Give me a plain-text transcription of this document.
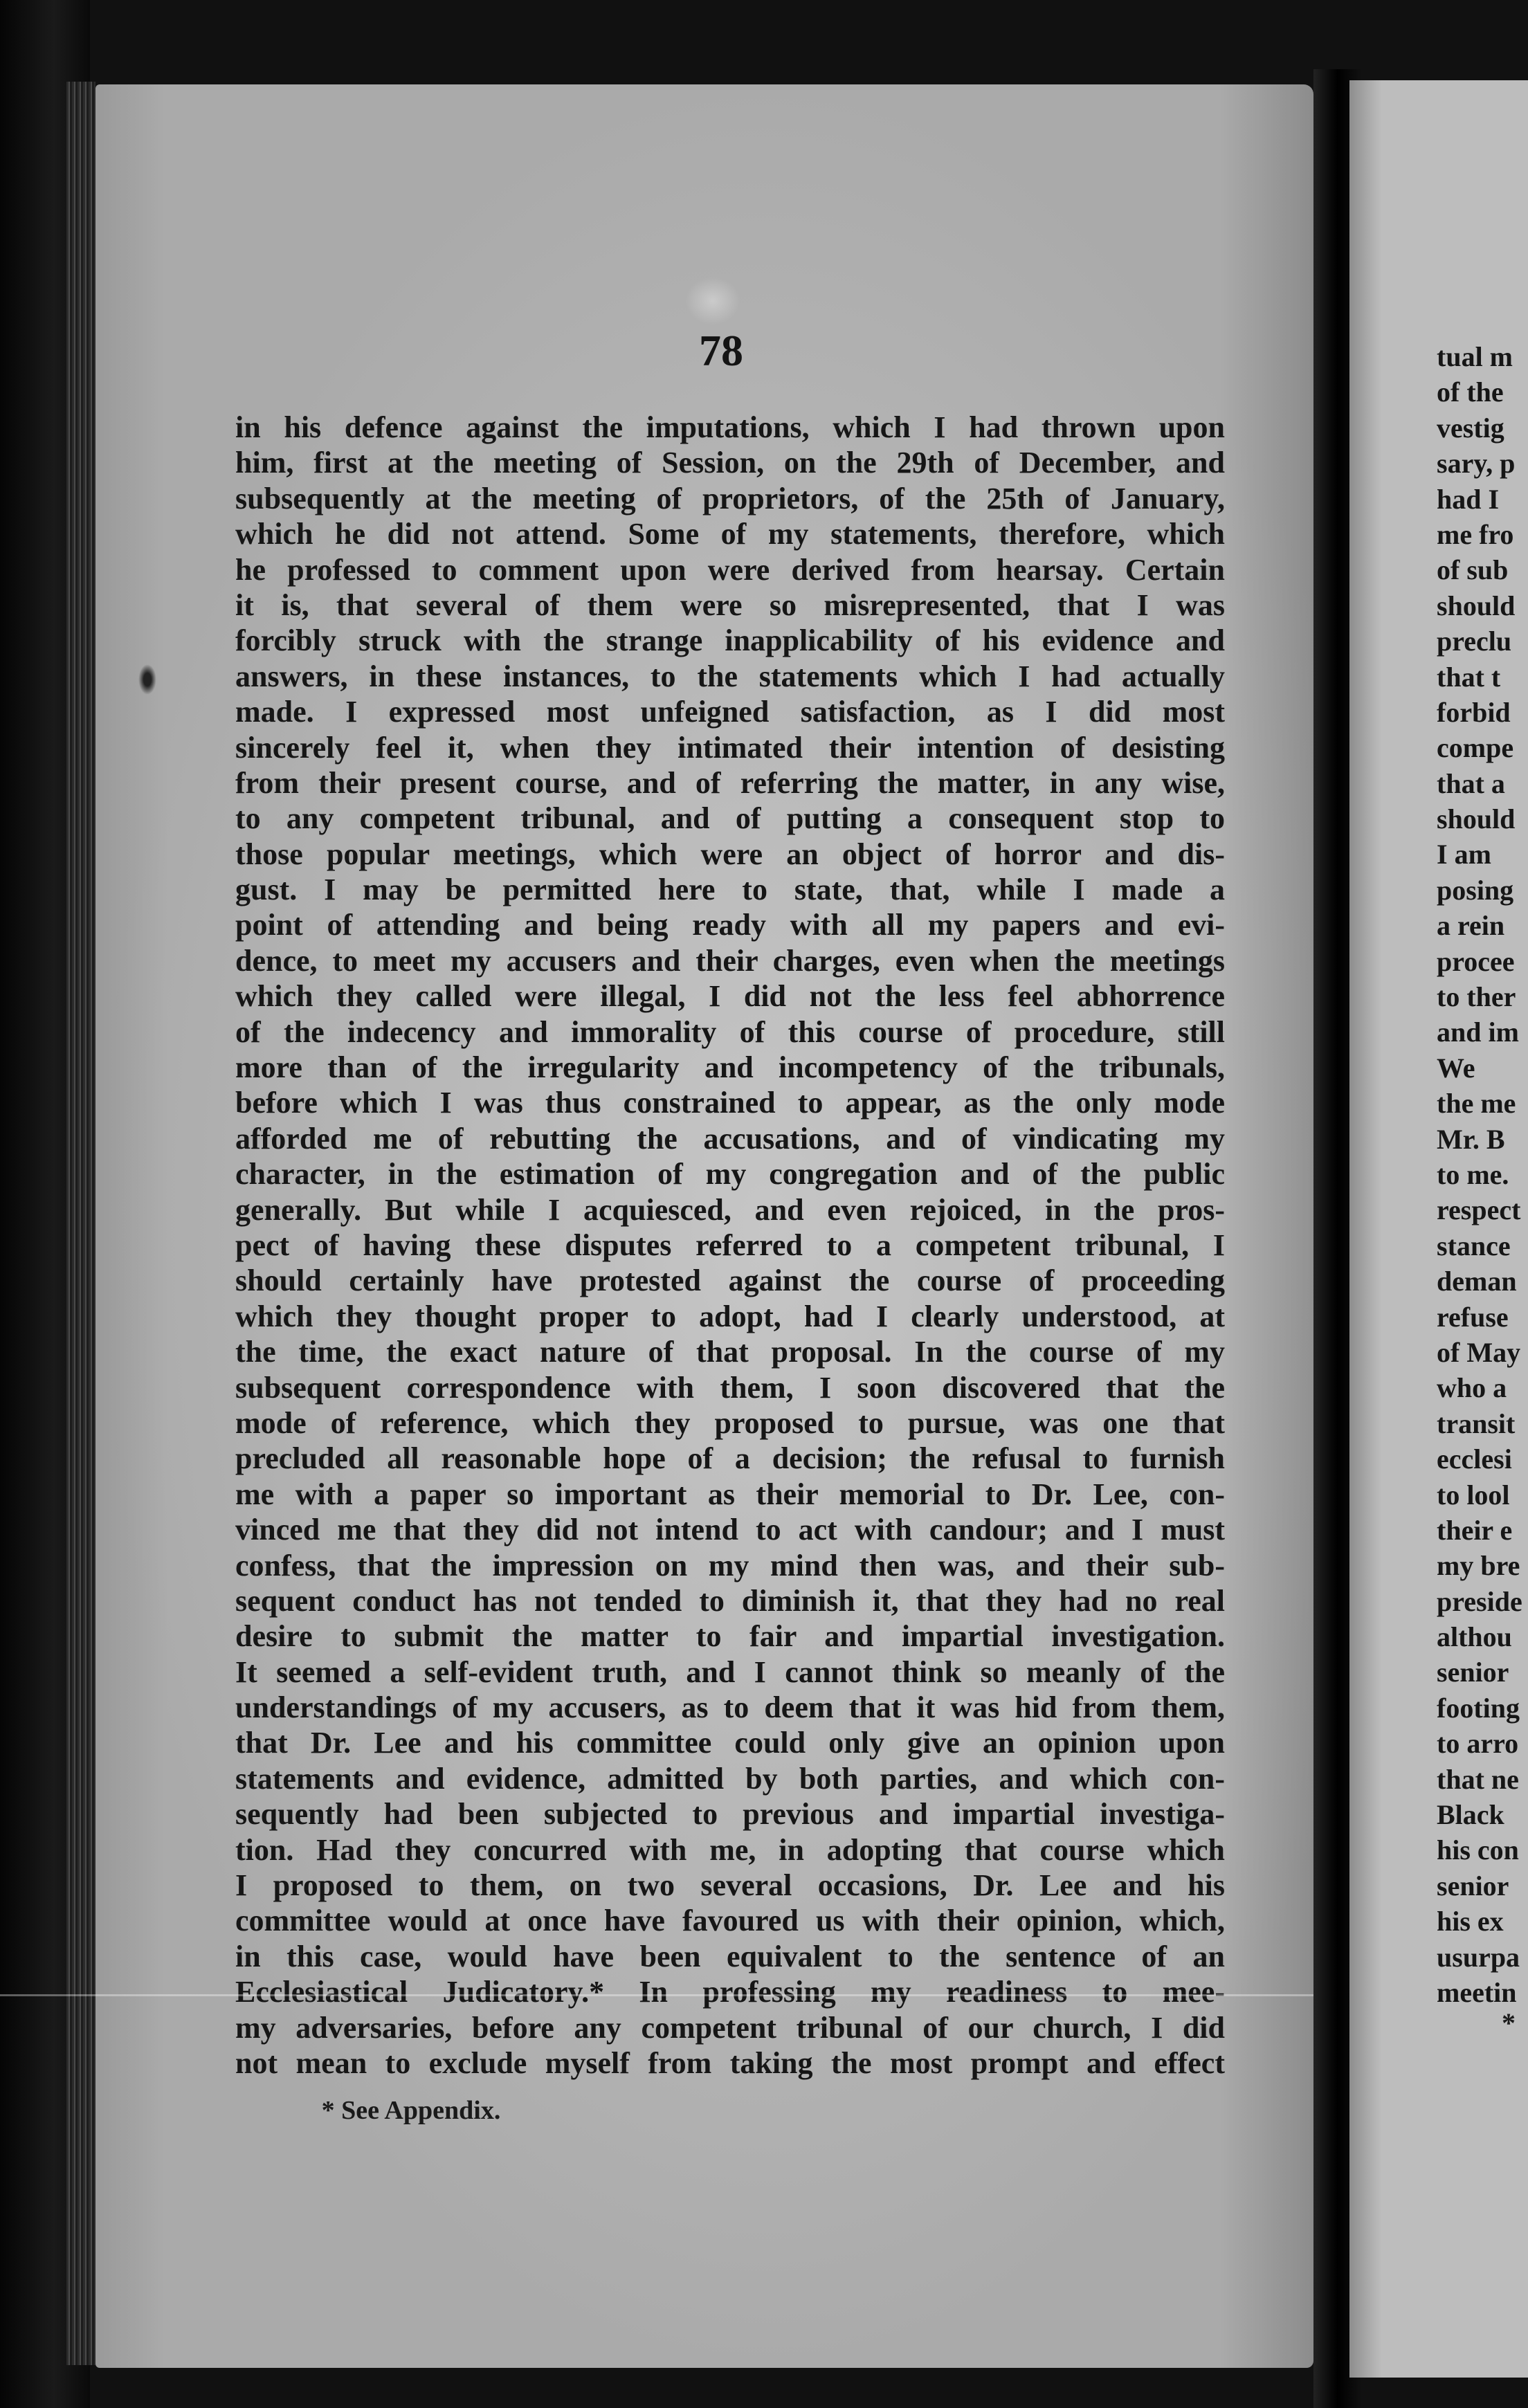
78
in his defence against the imputations, which I had thrown upon
him, first at the meeting of Session, on the 29th of December, and
subsequently at the meeting of proprietors, of the 25th of January,
which he did not attend. Some of my statements, therefore, which
he professed to comment upon were derived from hearsay. Certain
it is, that several of them were so misrepresented, that I was
forcibly struck with the strange inapplicability of his evidence and
answers, in these instances, to the statements which I had actually
made. I expressed most unfeigned satisfaction, as I did most
sincerely feel it, when they intimated their intention of desisting
from their present course, and of referring the matter, in any wise,
to any competent tribunal, and of putting a consequent stop to
those popular meetings, which were an object of horror and dis-
gust. I may be permitted here to state, that, while I made a
point of attending and being ready with all my papers and evi-
dence, to meet my accusers and their charges, even when the meetings
which they called were illegal, I did not the less feel abhorrence
of the indecency and immorality of this course of procedure, still
more than of the irregularity and incompetency of the tribunals,
before which I was thus constrained to appear, as the only mode
afforded me of rebutting the accusations, and of vindicating my
character, in the estimation of my congregation and of the public
generally. But while I acquiesced, and even rejoiced, in the pros-
pect of having these disputes referred to a competent tribunal, I
should certainly have protested against the course of proceeding
which they thought proper to adopt, had I clearly understood, at
the time, the exact nature of that proposal. In the course of my
subsequent correspondence with them, I soon discovered that the
mode of reference, which they proposed to pursue, was one that
precluded all reasonable hope of a decision; the refusal to furnish
me with a paper so important as their memorial to Dr. Lee, con-
vinced me that they did not intend to act with candour; and I must
confess, that the impression on my mind then was, and their sub-
sequent conduct has not tended to diminish it, that they had no real
desire to submit the matter to fair and impartial investigation.
It seemed a self-evident truth, and I cannot think so meanly of the
understandings of my accusers, as to deem that it was hid from them,
that Dr. Lee and his committee could only give an opinion upon
statements and evidence, admitted by both parties, and which con-
sequently had been subjected to previous and impartial investiga-
tion. Had they concurred with me, in adopting that course which
I proposed to them, on two several occasions, Dr. Lee and his
committee would at once have favoured us with their opinion, which,
in this case, would have been equivalent to the sentence of an
Ecclesiastical Judicatory.* In professing my readiness to mee-
my adversaries, before any competent tribunal of our church, I did
not mean to exclude myself from taking the most prompt and effect
* See Appendix.
tual m
of the
vestig
sary, p
had I
me fro
of sub
should
preclu
that t
forbid
compe
that a
should
I am
posing
a rein
procee
to ther
and im
We
the me
Mr. B
to me.
respect
stance
deman
refuse
of May
who a
transit
ecclesi
to lool
their e
my bre
preside
althou
senior
footing
to arro
that ne
Black
his con
senior
his ex
usurpa
meetin
*
